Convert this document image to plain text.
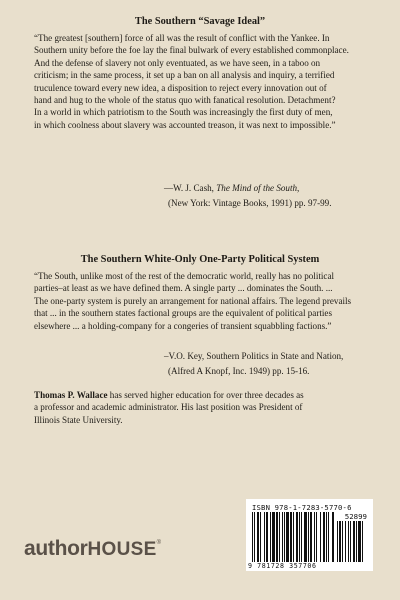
The Southern “Savage Ideal”
“The greatest [southern] force of all was the result of conflict with the Yankee. In
Southern unity before the foe lay the final bulwark of every established commonplace.
And the defense of slavery not only eventuated, as we have seen, in a taboo on
criticism; in the same process, it set up a ban on all analysis and inquiry, a terrified
truculence toward every new idea, a disposition to reject every innovation out of
hand and hug to the whole of the status quo with fanatical resolution. Detachment?
In a world in which patriotism to the South was increasingly the first duty of men,
in which coolness about slavery was accounted treason, it was next to impossible.”
—W. J. Cash, The Mind of the South,
(New York: Vintage Books, 1991) pp. 97-99.
The Southern White-Only One-Party Political System
“The South, unlike most of the rest of the democratic world, really has no political
parties–at least as we have defined them. A single party ... dominates the South. ...
The one-party system is purely an arrangement for national affairs. The legend prevails
that ... in the southern states factional groups are the equivalent of political parties
elsewhere ... a holding-company for a congeries of transient squabbling factions.”
–V.O. Key, Southern Politics in State and Nation,
(Alfred A Knopf, Inc. 1949) pp. 15-16.
Thomas P. Wallace has served higher education for over three decades as
a professor and academic administrator. His last position was President of
Illinois State University.
ISBN 978-1-7283-5770-6
52899
9 781728 357706
authorHOUSE®
